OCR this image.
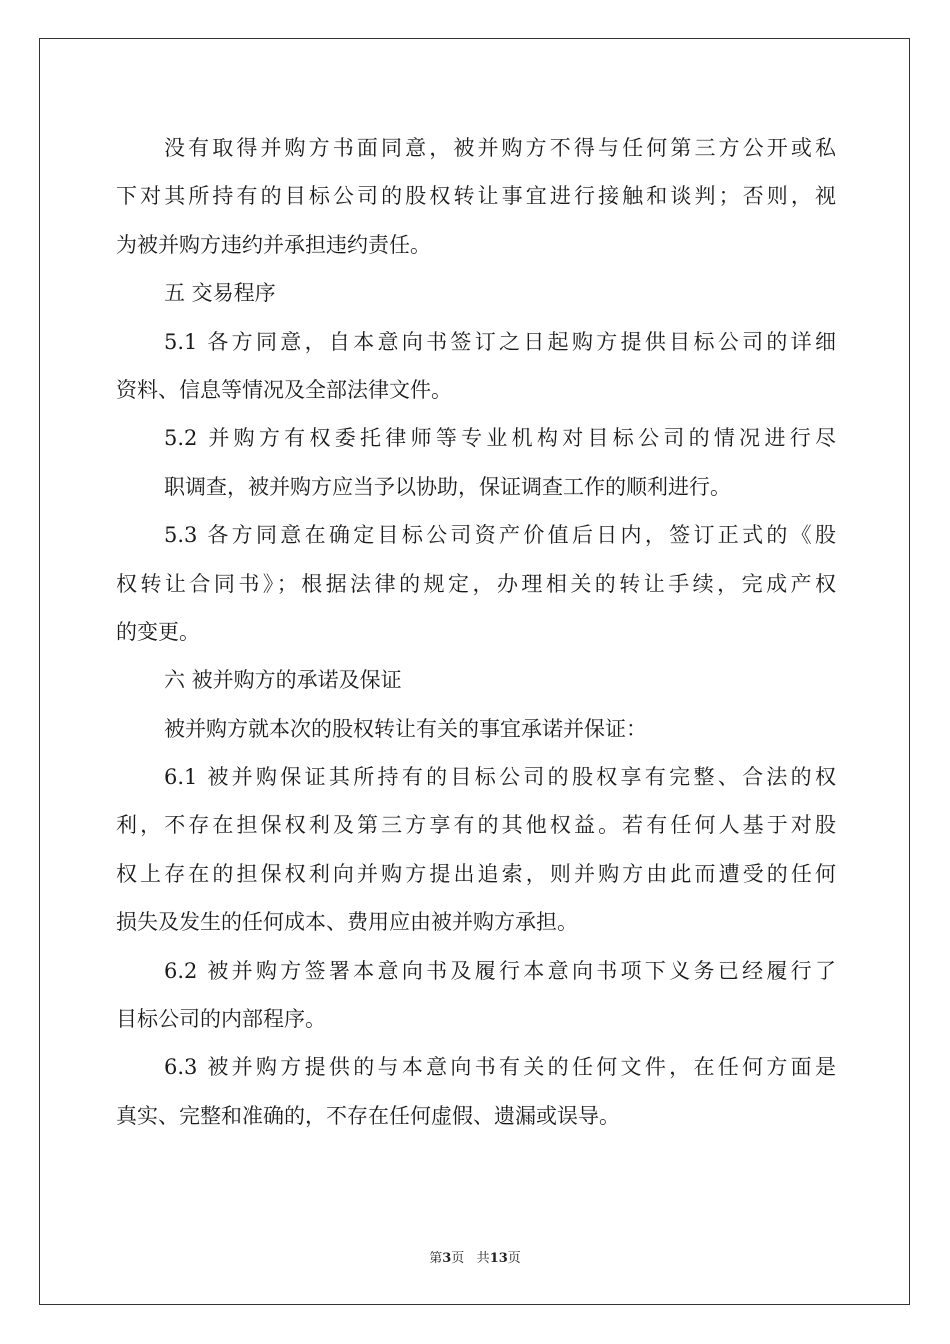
没有取得并购方书面同意，被并购方不得与任何第三方公开或私
下对其所持有的目标公司的股权转让事宜进行接触和谈判；否则，视
为被并购方违约并承担违约责任。
五 交易程序
5.1 各方同意，自本意向书签订之日起购方提供目标公司的详细
资料、信息等情况及全部法律文件。
5.2 并购方有权委托律师等专业机构对目标公司的情况进行尽
职调查，被并购方应当予以协助，保证调查工作的顺利进行。
5.3 各方同意在确定目标公司资产价值后日内，签订正式的《股
权转让合同书》；根据法律的规定，办理相关的转让手续，完成产权
的变更。
六 被并购方的承诺及保证
被并购方就本次的股权转让有关的事宜承诺并保证：
6.1 被并购保证其所持有的目标公司的股权享有完整、合法的权
利，不存在担保权利及第三方享有的其他权益。若有任何人基于对股
权上存在的担保权利向并购方提出追索，则并购方由此而遭受的任何
损失及发生的任何成本、费用应由被并购方承担。
6.2 被并购方签署本意向书及履行本意向书项下义务已经履行了
目标公司的内部程序。
6.3 被并购方提供的与本意向书有关的任何文件，在任何方面是
真实、完整和准确的，不存在任何虚假、遗漏或误导。
第3页 共13页
